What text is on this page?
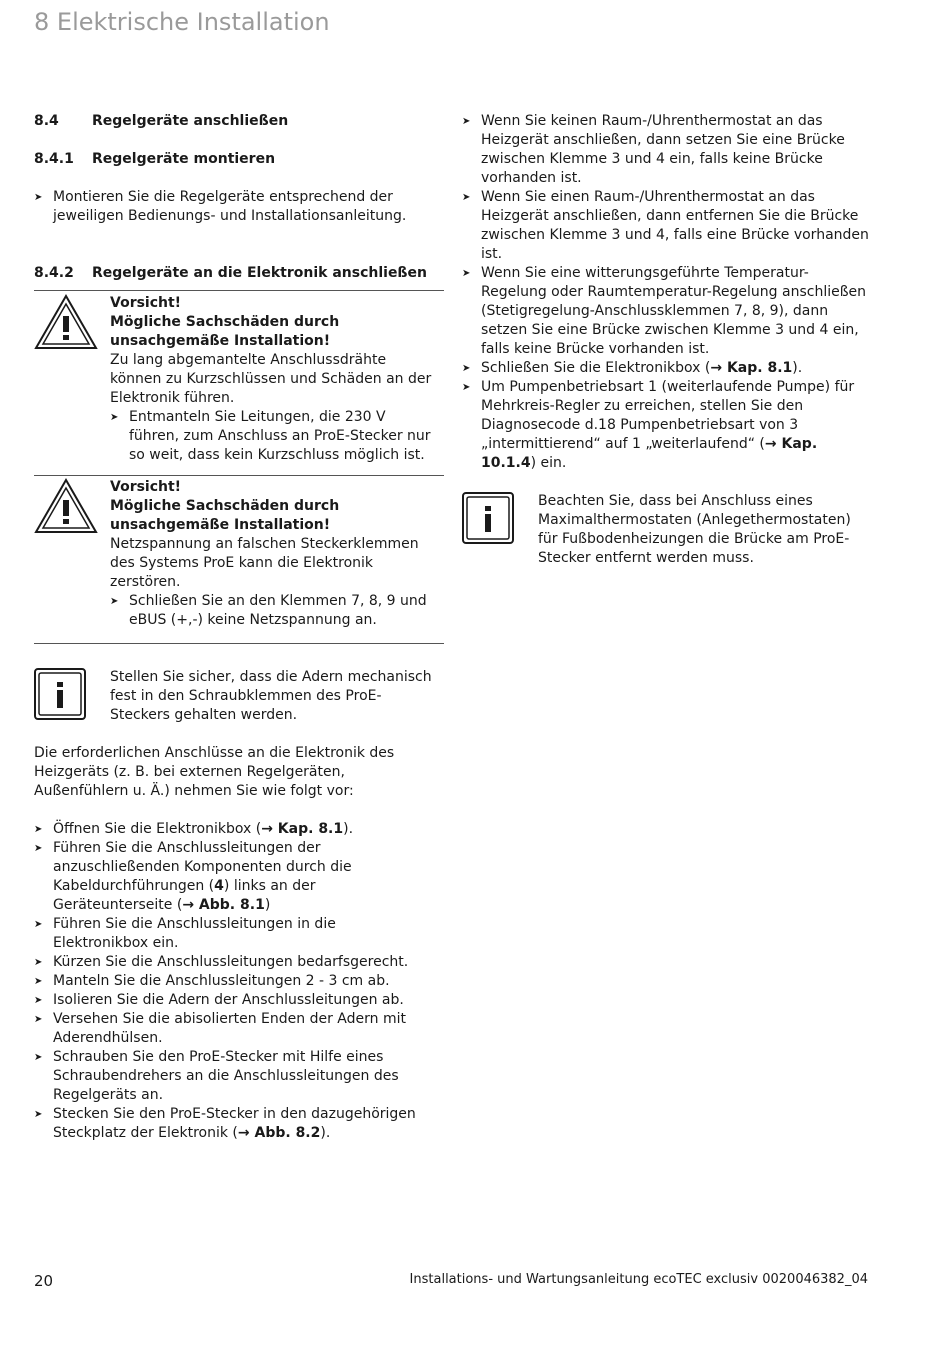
8 Elektrische Installation
8.4	Regelgeräte anschließen
8.4.1	Regelgeräte montieren
➤ Montieren Sie die Regelgeräte entsprechend der jeweiligen Bedienungs- und Installationsanleitung.
8.4.2	Regelgeräte an die Elektronik anschließen

Vorsicht!

Mögliche Sachschäden durch unsachgemäße Installation!

Zu lang abgemantelte Anschlussdrähte können zu Kurzschlüssen und Schäden an der Elektronik führen.

➤ Entmanteln Sie Leitungen, die 230 V führen, zum Anschluss an ProE-Stecker nur so weit, dass kein Kurzschluss möglich ist.

Vorsicht!

Mögliche Sachschäden durch unsachgemäße Installation!

Netzspannung an falschen Steckerklemmen des Systems ProE kann die Elektronik zerstören.

➤ Schließen Sie an den Klemmen 7, 8, 9 und eBUS (+,-) keine Netzspannung an.

Stellen Sie sicher, dass die Adern mechanisch fest in den Schraubklemmen des ProE-Steckers gehalten werden.

Die erforderlichen Anschlüsse an die Elektronik des Heizgeräts (z. B. bei externen Regelgeräten, Außenfühlern u. Ä.) nehmen Sie wie folgt vor:

➤ Öffnen Sie die Elektronikbox (→ Kap. 8.1).
➤ Führen Sie die Anschlussleitungen der anzuschließenden Komponenten durch die Kabeldurchführungen (4) links an der Geräteunterseite (→ Abb. 8.1)
➤ Führen Sie die Anschlussleitungen in die Elektronikbox ein.
➤ Kürzen Sie die Anschlussleitungen bedarfsgerecht.
➤ Manteln Sie die Anschlussleitungen 2 - 3 cm ab.
➤ Isolieren Sie die Adern der Anschlussleitungen ab.
➤ Versehen Sie die abisolierten Enden der Adern mit Aderendhülsen.
➤ Schrauben Sie den ProE-Stecker mit Hilfe eines Schraubendrehers an die Anschlussleitungen des Regelgeräts an.
➤ Stecken Sie den ProE-Stecker in den dazugehörigen Steckplatz der Elektronik (→ Abb. 8.2).
➤ Wenn Sie keinen Raum-/Uhrenthermostat an das Heizgerät anschließen, dann setzen Sie eine Brücke zwischen Klemme 3 und 4 ein, falls keine Brücke vorhanden ist.
➤ Wenn Sie einen Raum-/Uhrenthermostat an das Heizgerät anschließen, dann entfernen Sie die Brücke zwischen Klemme 3 und 4, falls eine Brücke vorhanden ist.
➤ Wenn Sie eine witterungsgeführte Temperatur-Regelung oder Raumtemperatur-Regelung anschließen (Stetigregelung-Anschlussklemmen 7, 8, 9), dann setzen Sie eine Brücke zwischen Klemme 3 und 4 ein, falls keine Brücke vorhanden ist.
➤ Schließen Sie die Elektronikbox (→ Kap. 8.1).
➤ Um Pumpenbetriebsart 1 (weiterlaufende Pumpe) für Mehrkreis-Regler zu erreichen, stellen Sie den Diagnosecode d.18 Pumpenbetriebsart von 3 „intermittierend“ auf 1 „weiterlaufend“ (→ Kap. 10.1.4) ein.

Beachten Sie, dass bei Anschluss eines Maximalthermostaten (Anlegethermostaten) für Fußbodenheizungen die Brücke am ProE-Stecker entfernt werden muss.

20	Installations- und Wartungsanleitung ecoTEC exclusiv 0020046382_04
